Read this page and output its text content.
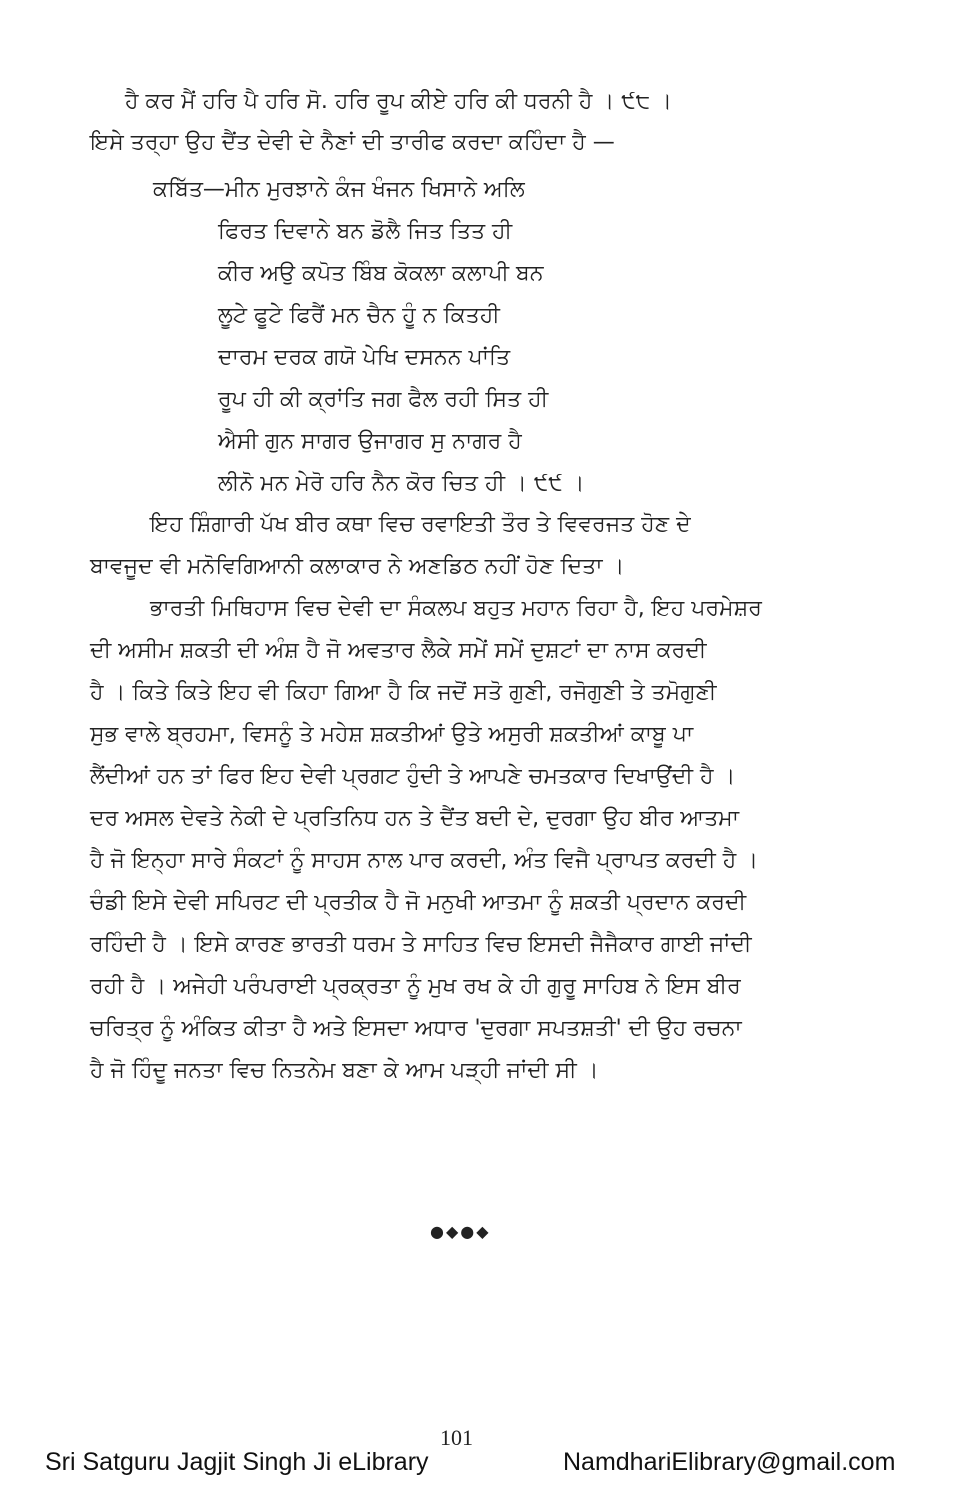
ਹੈ ਕਰ ਮੈਂ ਹਰਿ ਪੈ ਹਰਿ ਸੋ. ਹਰਿ ਰੂਪ ਕੀਏ ਹਰਿ ਕੀ ਧਰਨੀ ਹੈ । ੯੮ ।
ਇਸੇ ਤਰ੍ਹਾ ਉਹ ਦੈਂਤ ਦੇਵੀ ਦੇ ਨੈਣਾਂ ਦੀ ਤਾਰੀਫ ਕਰਦਾ ਕਹਿੰਦਾ ਹੈ —
ਕਬਿੱਤ—ਮੀਨ ਮੁਰਝਾਨੇ ਕੰਜ ਖੰਜਨ ਖਿਸਾਨੇ ਅਲਿ
ਫਿਰਤ ਦਿਵਾਨੇ ਬਨ ਡੋਲੈ ਜਿਤ ਤਿਤ ਹੀ
ਕੀਰ ਅਉ ਕਪੋਤ ਬਿੰਬ ਕੋਕਲਾ ਕਲਾਪੀ ਬਨ
ਲੂਟੇ ਫੂਟੇ ਫਿਰੈਂ ਮਨ ਚੈਨ ਹੂੰ ਨ ਕਿਤਹੀ
ਦਾਰਮ ਦਰਕ ਗਯੋ ਪੇਖਿ ਦਸਨਨ ਪਾਂਤਿ
ਰੂਪ ਹੀ ਕੀ ਕ੍ਰਾਂਤਿ ਜਗ ਫੈਲ ਰਹੀ ਸਿਤ ਹੀ
ਐਸੀ ਗੁਨ ਸਾਗਰ ਉਜਾਗਰ ਸੁ ਨਾਗਰ ਹੈ
ਲੀਨੋ ਮਨ ਮੇਰੋ ਹਰਿ ਨੈਨ ਕੋਰ ਚਿਤ ਹੀ । ੯੯ ।
ਇਹ ਸ਼ਿੰਗਾਰੀ ਪੱਖ ਬੀਰ ਕਥਾ ਵਿਚ ਰਵਾਇਤੀ ਤੌਰ ਤੇ ਵਿਵਰਜਤ ਹੋਣ ਦੇ
ਬਾਵਜੂਦ ਵੀ ਮਨੋਵਿਗਿਆਨੀ ਕਲਾਕਾਰ ਨੇ ਅਣਡਿਠ ਨਹੀਂ ਹੋਣ ਦਿਤਾ ।
ਭਾਰਤੀ ਮਿਥਿਹਾਸ ਵਿਚ ਦੇਵੀ ਦਾ ਸੰਕਲਪ ਬਹੁਤ ਮਹਾਨ ਰਿਹਾ ਹੈ, ਇਹ ਪਰਮੇਸ਼ਰ
ਦੀ ਅਸੀਮ ਸ਼ਕਤੀ ਦੀ ਅੰਸ਼ ਹੈ ਜੋ ਅਵਤਾਰ ਲੈਕੇ ਸਮੇਂ ਸਮੇਂ ਦੁਸ਼ਟਾਂ ਦਾ ਨਾਸ ਕਰਦੀ
ਹੈ । ਕਿਤੇ ਕਿਤੇ ਇਹ ਵੀ ਕਿਹਾ ਗਿਆ ਹੈ ਕਿ ਜਦੋਂ ਸਤੋ ਗੁਣੀ, ਰਜੋਗੁਣੀ ਤੇ ਤਮੋਗੁਣੀ
ਸੁਭ ਵਾਲੇ ਬ੍ਰਹਮਾ, ਵਿਸਨੂੰ ਤੇ ਮਹੇਸ਼ ਸ਼ਕਤੀਆਂ ਉਤੇ ਅਸੁਰੀ ਸ਼ਕਤੀਆਂ ਕਾਬੂ ਪਾ
ਲੈਂਦੀਆਂ ਹਨ ਤਾਂ ਫਿਰ ਇਹ ਦੇਵੀ ਪ੍ਰਗਟ ਹੁੰਦੀ ਤੇ ਆਪਣੇ ਚਮਤਕਾਰ ਦਿਖਾਉਂਦੀ ਹੈ ।
ਦਰ ਅਸਲ ਦੇਵਤੇ ਨੇਕੀ ਦੇ ਪ੍ਰਤਿਨਿਧ ਹਨ ਤੇ ਦੈਂਤ ਬਦੀ ਦੇ, ਦੁਰਗਾ ਉਹ ਬੀਰ ਆਤਮਾ
ਹੈ ਜੋ ਇਨ੍ਹਾ ਸਾਰੇ ਸੰਕਟਾਂ ਨੂੰ ਸਾਹਸ ਨਾਲ ਪਾਰ ਕਰਦੀ, ਅੰਤ ਵਿਜੈ ਪ੍ਰਾਪਤ ਕਰਦੀ ਹੈ ।
ਚੰਡੀ ਇਸੇ ਦੇਵੀ ਸਪਿਰਟ ਦੀ ਪ੍ਰਤੀਕ ਹੈ ਜੋ ਮਨੁਖੀ ਆਤਮਾ ਨੂੰ ਸ਼ਕਤੀ ਪ੍ਰਦਾਨ ਕਰਦੀ
ਰਹਿੰਦੀ ਹੈ । ਇਸੇ ਕਾਰਣ ਭਾਰਤੀ ਧਰਮ ਤੇ ਸਾਹਿਤ ਵਿਚ ਇਸਦੀ ਜੈਜੈਕਾਰ ਗਾਈ ਜਾਂਦੀ
ਰਹੀ ਹੈ । ਅਜੇਹੀ ਪਰੰਪਰਾਈ ਪ੍ਰਕ੍ਰਤਾ ਨੂੰ ਮੁਖ ਰਖ ਕੇ ਹੀ ਗੁਰੂ ਸਾਹਿਬ ਨੇ ਇਸ ਬੀਰ
ਚਰਿਤ੍ਰ ਨੂੰ ਅੰਕਿਤ ਕੀਤਾ ਹੈ ਅਤੇ ਇਸਦਾ ਅਧਾਰ 'ਦੁਰਗਾ ਸਪਤਸ਼ਤੀ' ਦੀ ਉਹ ਰਚਨਾ
ਹੈ ਜੋ ਹਿੰਦੂ ਜਨਤਾ ਵਿਚ ਨਿਤਨੇਮ ਬਣਾ ਕੇ ਆਮ ਪੜ੍ਹੀ ਜਾਂਦੀ ਸੀ ।
●◆●◆
101
Sri Satguru Jagjit Singh Ji eLibrary	NamdhariElibrary@gmail.com
